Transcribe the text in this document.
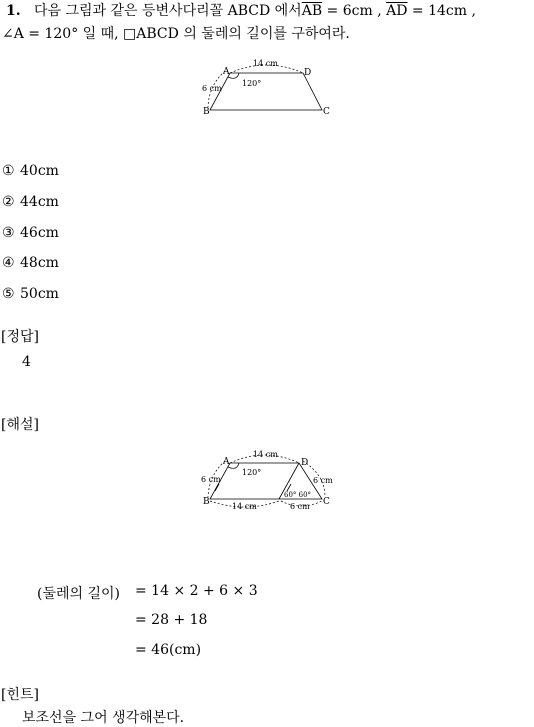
1. 다음 그림과 같은 등변사다리꼴 ABCD 에서$\overline{AB} = 6cm$ , $\overline{AD} = 14cm$ ,
∠A = 120° 일 때, □ABCD 의 둘레의 길이를 구하여라.
A	D
B	C
14 cm
6 cm
120°
① 40cm
② 44cm
③ 46cm
④ 48cm
⑤ 50cm
[정답]
4
[해설]
A	D
B	C
14 cm
6 cm	6 cm
14 cm	6 cm
120°
60° 60°
(둘레의 길이) = 14 × 2 + 6 × 3
= 28 + 18
= 46(cm)
[힌트]
보조선을 그어 생각해본다.
